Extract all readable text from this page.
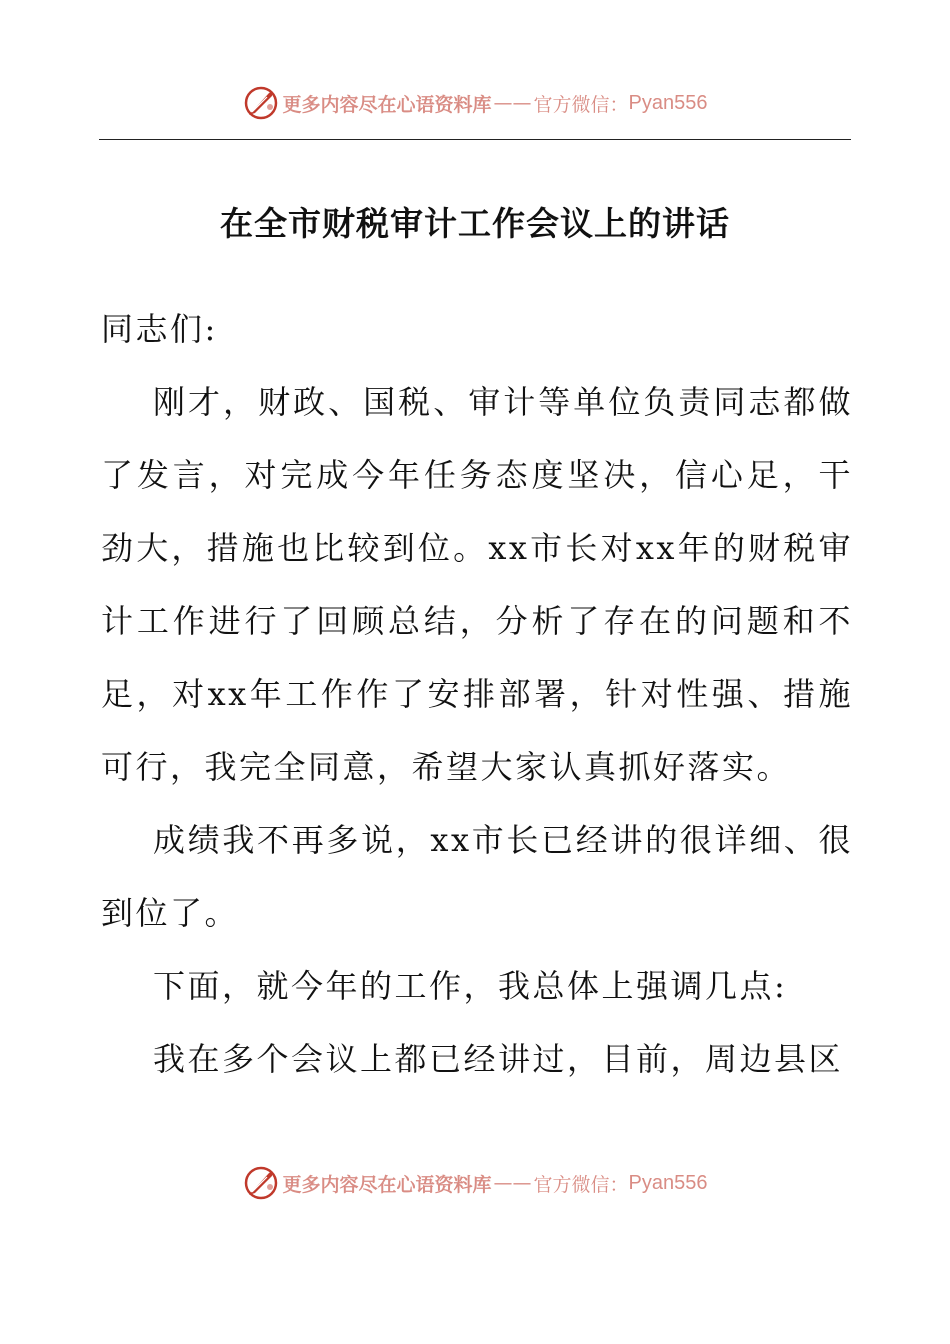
更多内容尽在心语资料库 —— 官方微信： Pyan556
在全市财税审计工作会议上的讲话

同志们:

刚才，财政、国税、审计等单位负责同志都做了发言，对完成今年任务态度坚决，信心足，干劲大，措施也比较到位。xx市长对xx年的财税审计工作进行了回顾总结，分析了存在的问题和不足，对xx年工作作了安排部署，针对性强、措施可行，我完全同意，希望大家认真抓好落实。

成绩我不再多说，xx市长已经讲的很详细、很到位了。

下面，就今年的工作，我总体上强调几点:

我在多个会议上都已经讲过，目前，周边县区

更多内容尽在心语资料库 —— 官方微信： Pyan556
